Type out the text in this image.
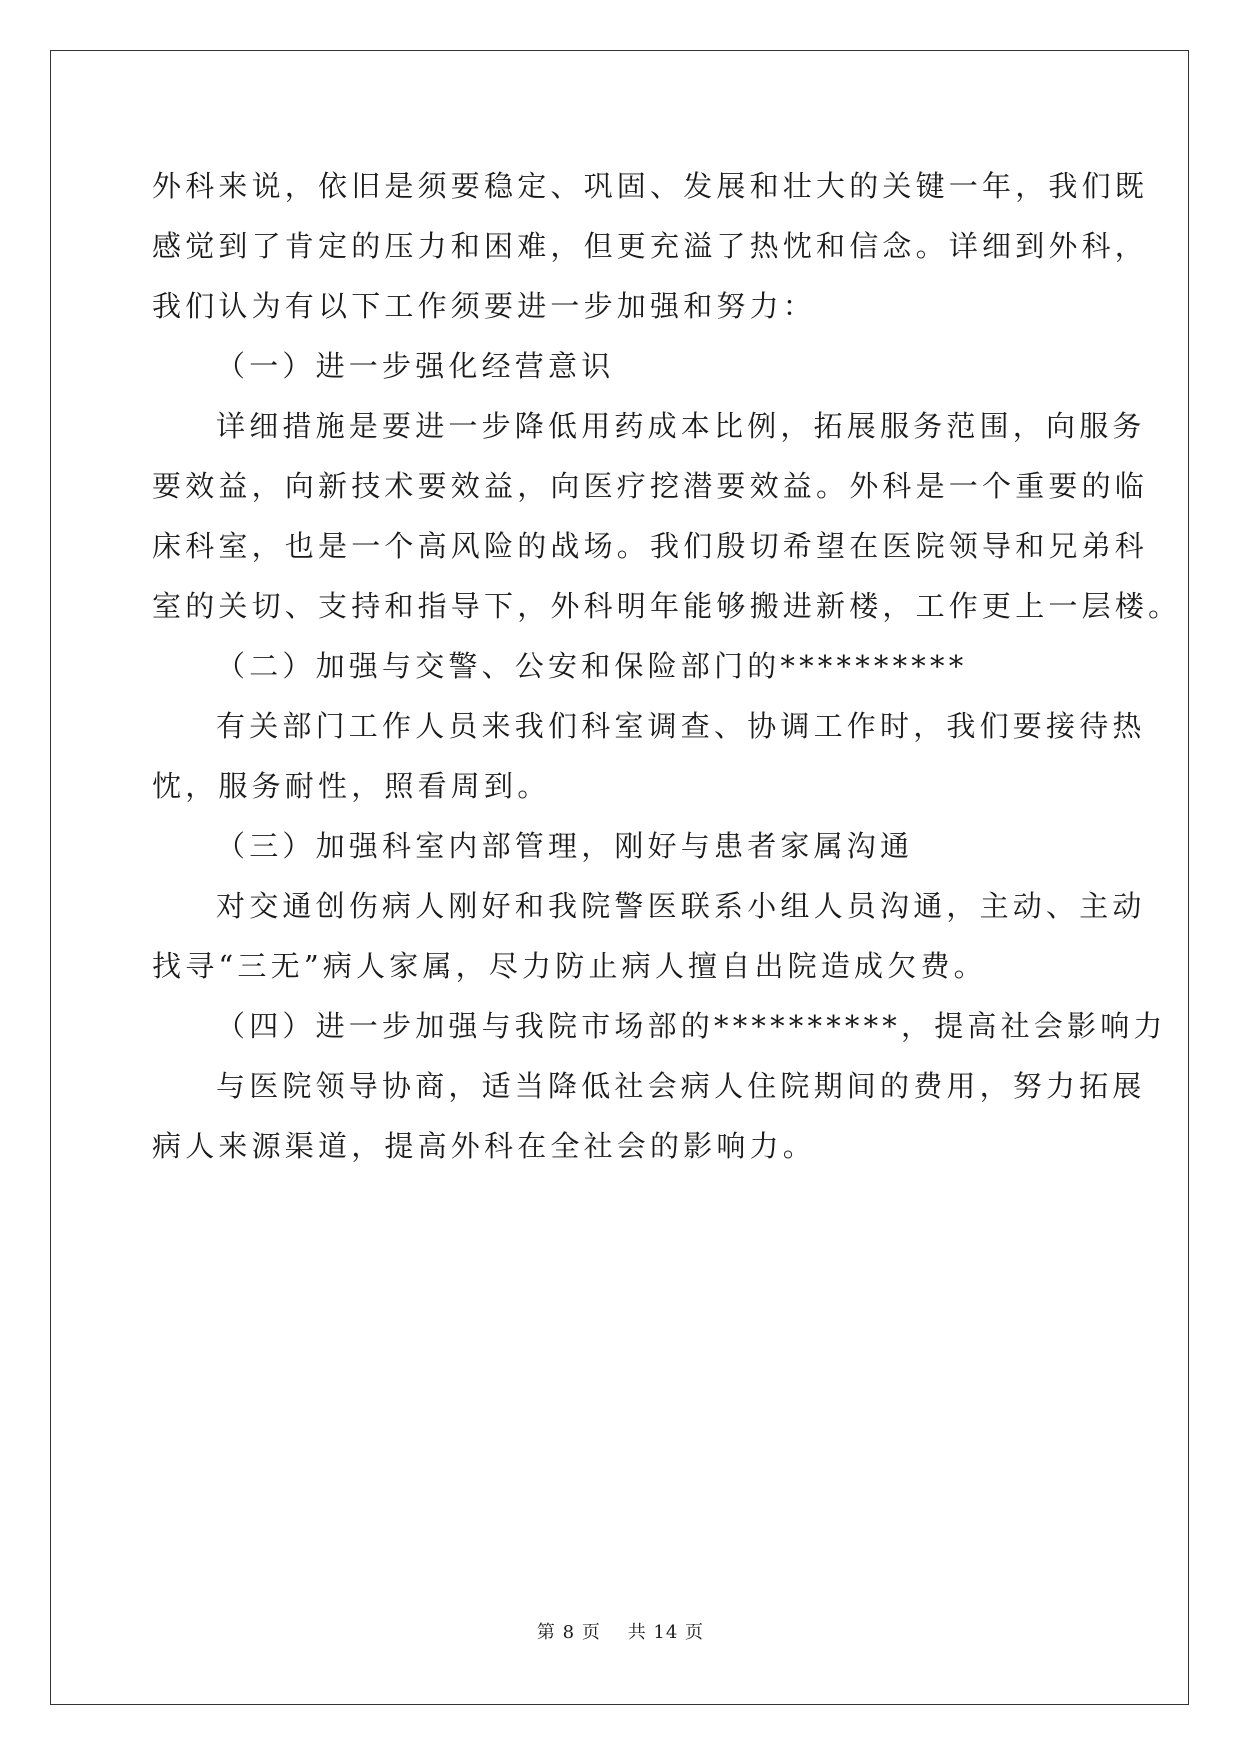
外科来说，依旧是须要稳定、巩固、发展和壮大的关键一年，我们既
感觉到了肯定的压力和困难，但更充溢了热忱和信念。详细到外科，
我们认为有以下工作须要进一步加强和努力：
（一）进一步强化经营意识
详细措施是要进一步降低用药成本比例，拓展服务范围，向服务
要效益，向新技术要效益，向医疗挖潜要效益。外科是一个重要的临
床科室，也是一个高风险的战场。我们殷切希望在医院领导和兄弟科
室的关切、支持和指导下，外科明年能够搬进新楼，工作更上一层楼。
（二）加强与交警、公安和保险部门的**********
有关部门工作人员来我们科室调查、协调工作时，我们要接待热
忱，服务耐性，照看周到。
（三）加强科室内部管理，刚好与患者家属沟通
对交通创伤病人刚好和我院警医联系小组人员沟通，主动、主动
找寻“三无”病人家属，尽力防止病人擅自出院造成欠费。
（四）进一步加强与我院市场部的**********，提高社会影响力
与医院领导协商，适当降低社会病人住院期间的费用，努力拓展
病人来源渠道，提高外科在全社会的影响力。
第 8 页    共 14 页
